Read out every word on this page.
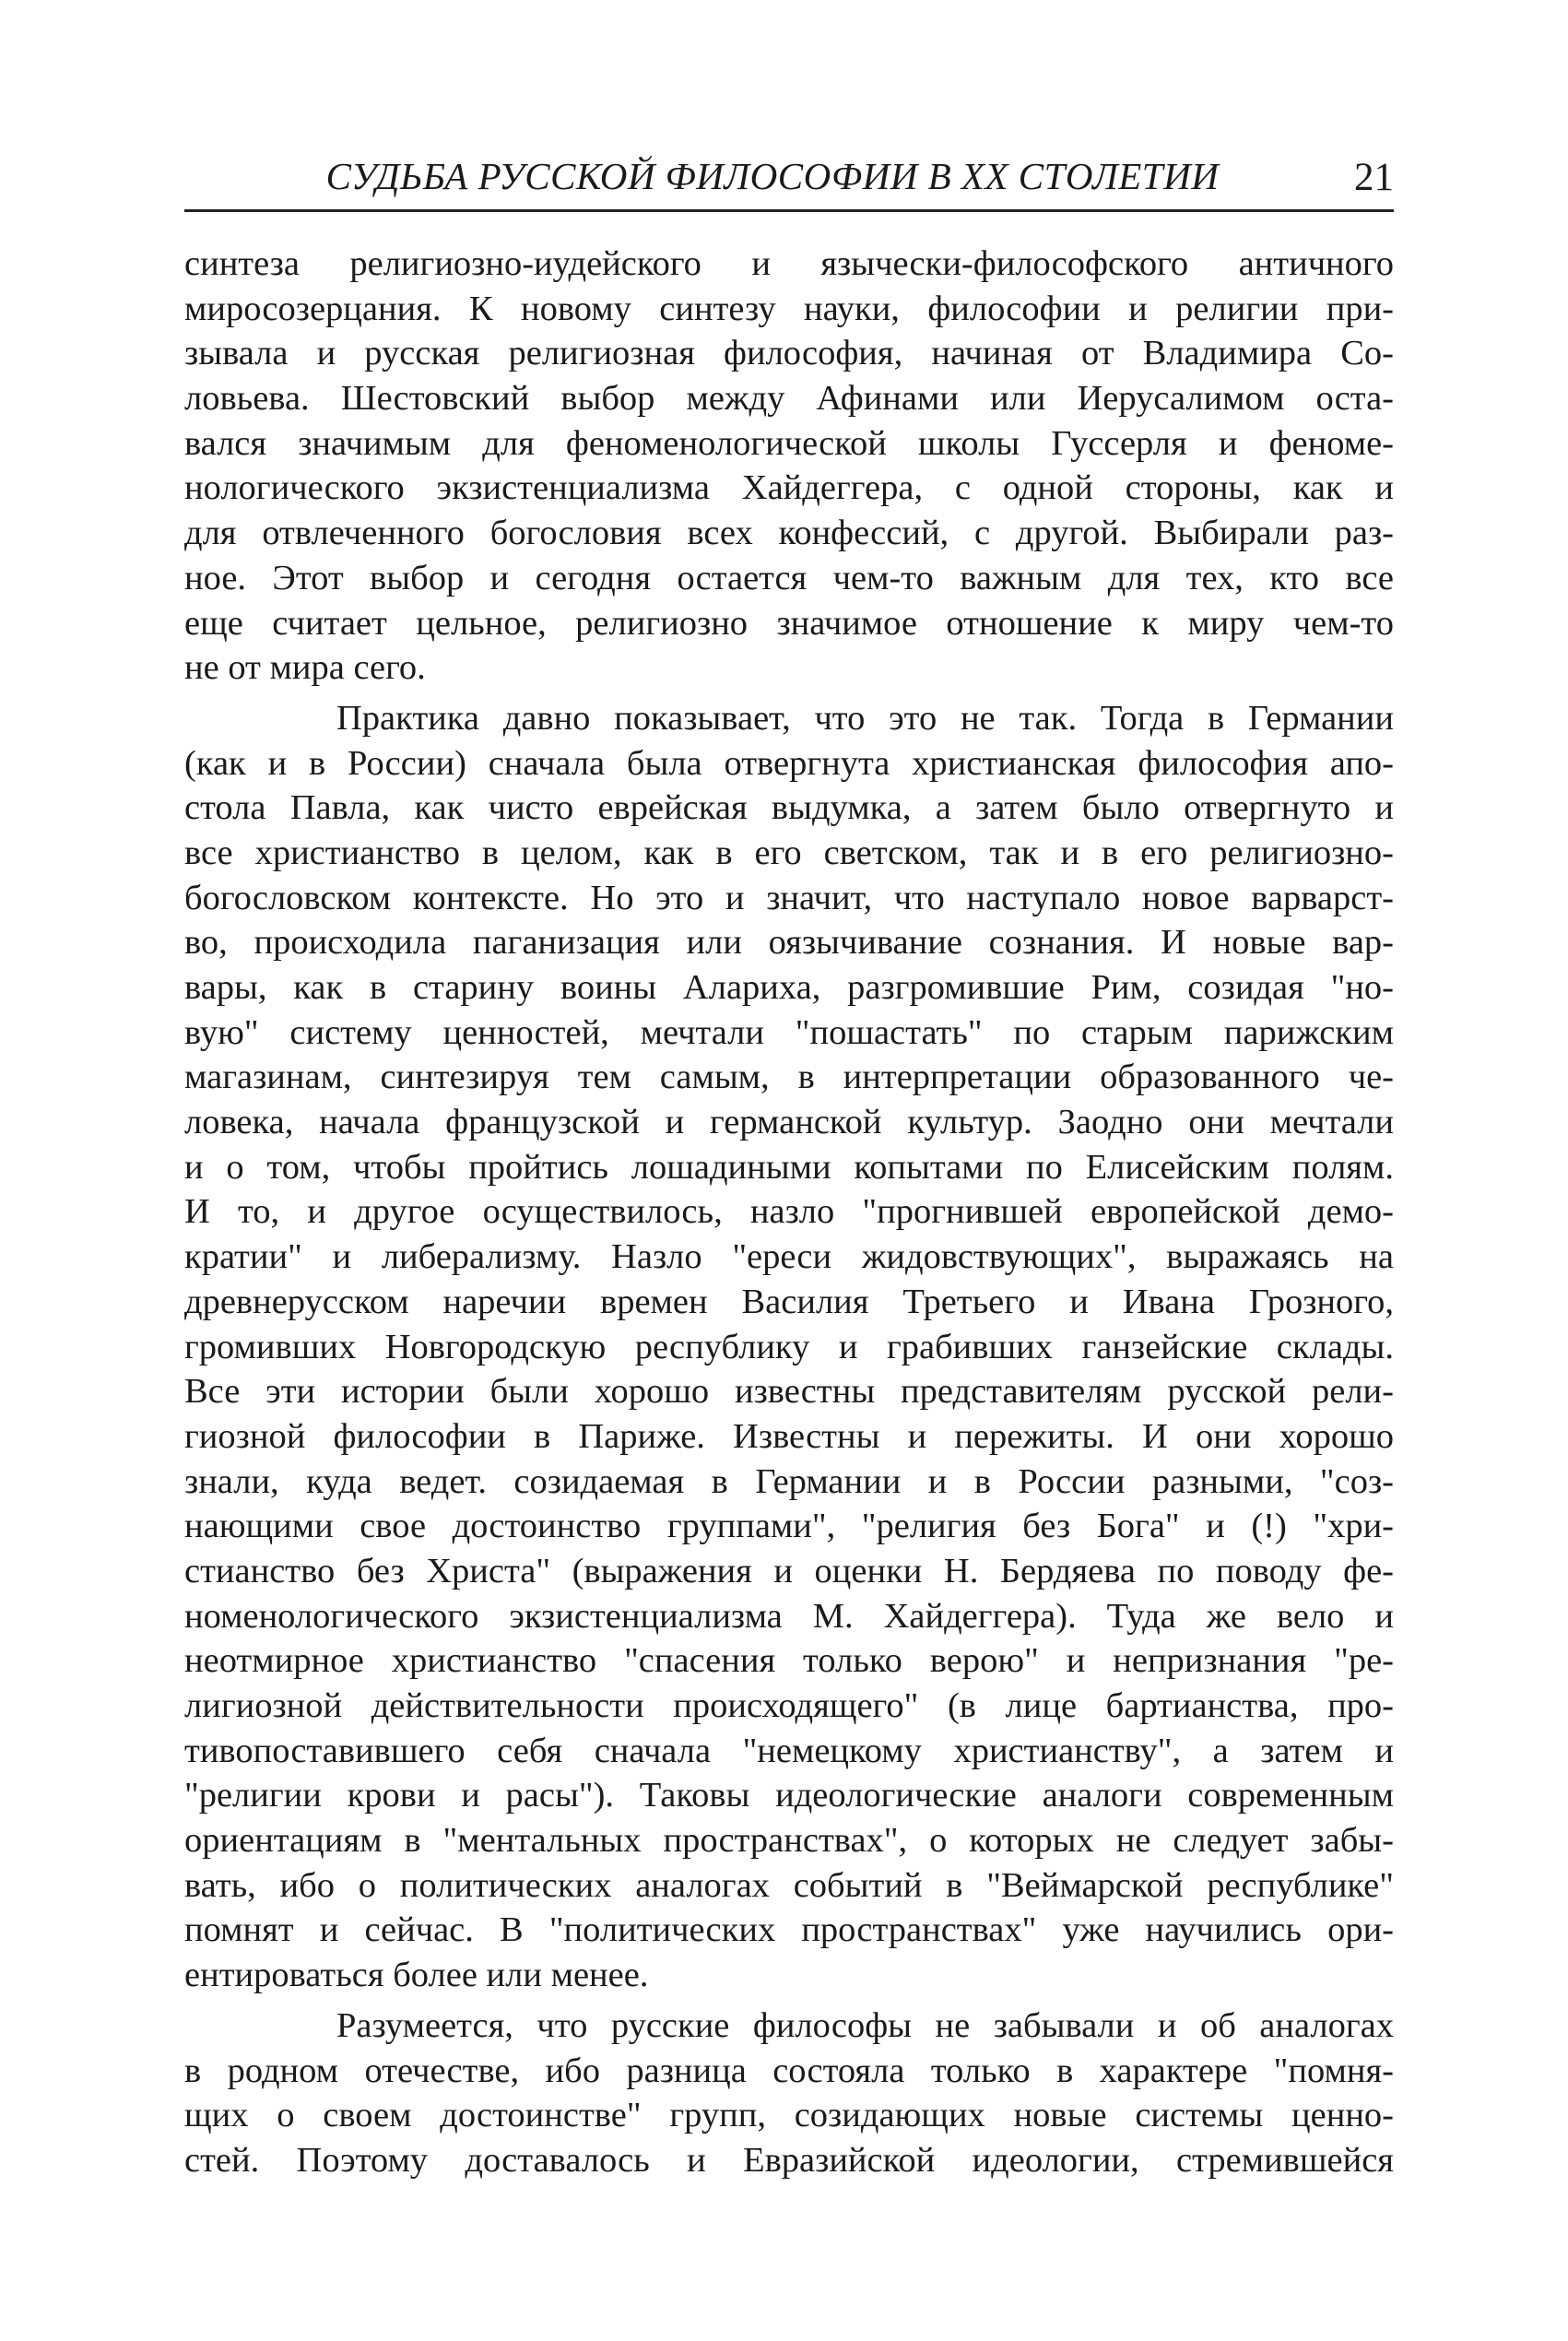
СУДЬБА РУССКОЙ ФИЛОСОФИИ В XX СТОЛЕТИИ	21
синтеза религиозно-иудейского и язычески-философского античного
миросозерцания. К новому синтезу науки, философии и религии при-
зывала и русская религиозная философия, начиная от Владимира Со-
ловьева. Шестовский выбор между Афинами или Иерусалимом оста-
вался значимым для феноменологической школы Гуссерля и феноме-
нологического экзистенциализма Хайдеггера, с одной стороны, как и
для отвлеченного богословия всех конфессий, с другой. Выбирали раз-
ное. Этот выбор и сегодня остается чем-то важным для тех, кто все
еще считает цельное, религиозно значимое отношение к миру чем-то
не от мира сего.
Практика давно показывает, что это не так. Тогда в Германии
(как и в России) сначала была отвергнута христианская философия апо-
стола Павла, как чисто еврейская выдумка, а затем было отвергнуто и
все христианство в целом, как в его светском, так и в его религиозно-
богословском контексте. Но это и значит, что наступало новое варварст-
во, происходила паганизация или оязычивание сознания. И новые вар-
вары, как в старину воины Алариха, разгромившие Рим, созидая "но-
вую" систему ценностей, мечтали "пошастать" по старым парижским
магазинам, синтезируя тем самым, в интерпретации образованного че-
ловека, начала французской и германской культур. Заодно они мечтали
и о том, чтобы пройтись лошадиными копытами по Елисейским полям.
И то, и другое осуществилось, назло "прогнившей европейской демо-
кратии" и либерализму. Назло "ереси жидовствующих", выражаясь на
древнерусском наречии времен Василия Третьего и Ивана Грозного,
громивших Новгородскую республику и грабивших ганзейские склады.
Все эти истории были хорошо известны представителям русской рели-
гиозной философии в Париже. Известны и пережиты. И они хорошо
знали, куда ведет. созидаемая в Германии и в России разными, "соз-
нающими свое достоинство группами", "религия без Бога" и (!) "хри-
стианство без Христа" (выражения и оценки Н. Бердяева по поводу фе-
номенологического экзистенциализма М. Хайдеггера). Туда же вело и
неотмирное христианство "спасения только верою" и непризнания "ре-
лигиозной действительности происходящего" (в лице бартианства, про-
тивопоставившего себя сначала "немецкому христианству", а затем и
"религии крови и расы"). Таковы идеологические аналоги современным
ориентациям в "ментальных пространствах", о которых не следует забы-
вать, ибо о политических аналогах событий в "Веймарской республике"
помнят и сейчас. В "политических пространствах" уже научились ори-
ентироваться более или менее.
Разумеется, что русские философы не забывали и об аналогах
в родном отечестве, ибо разница состояла только в характере "помня-
щих о своем достоинстве" групп, созидающих новые системы ценно-
стей. Поэтому доставалось и Евразийской идеологии, стремившейся
